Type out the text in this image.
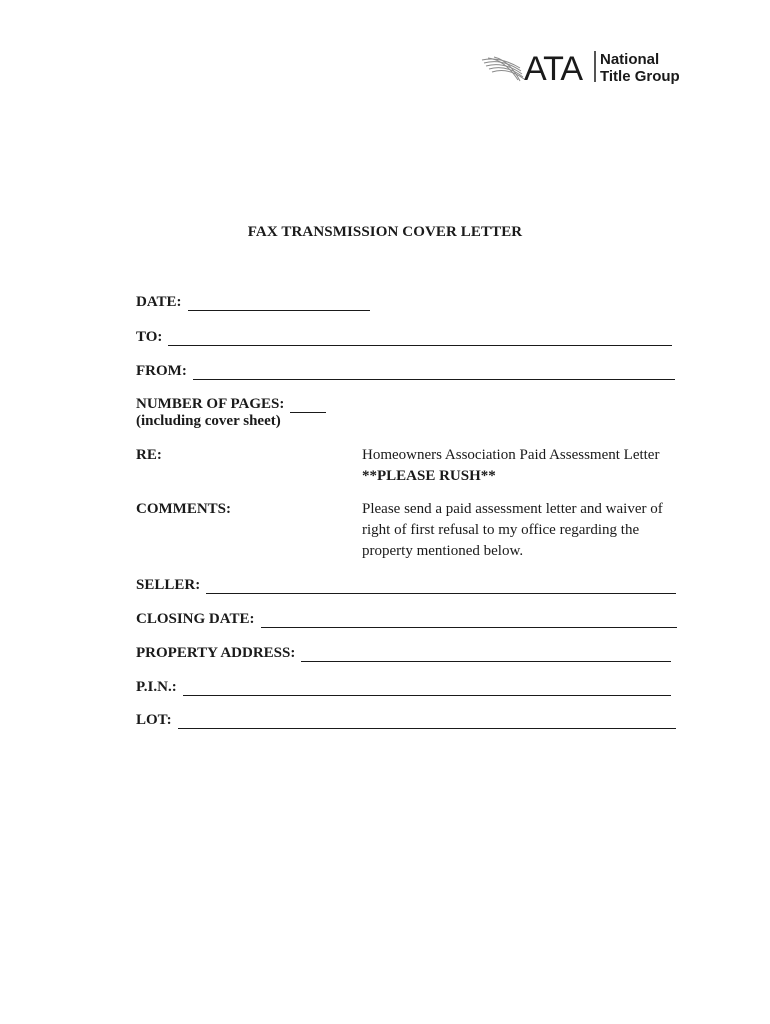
ATA National
Title Group
FAX TRANSMISSION COVER LETTER
DATE:
TO:
FROM:
NUMBER OF PAGES:
(including cover sheet)
RE:	Homeowners Association Paid Assessment Letter
**PLEASE RUSH**
COMMENTS:	Please send a paid assessment letter and waiver of right of first refusal to my office regarding the property mentioned below.
SELLER:
CLOSING DATE:
PROPERTY ADDRESS:
P.I.N.:
LOT:
